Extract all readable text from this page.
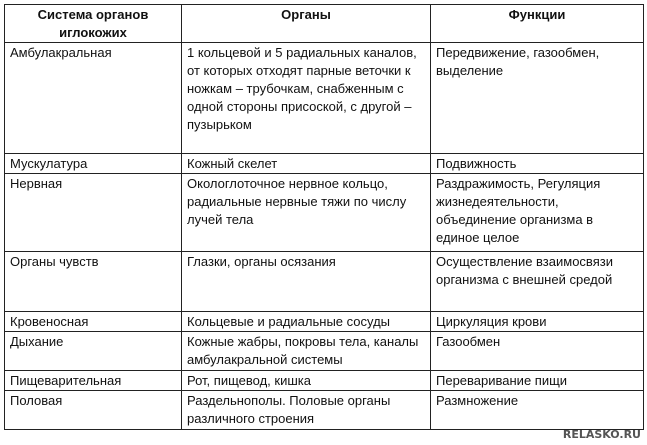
Система органов иглокожих	Органы	Функции
Амбулакральная	1 кольцевой и 5 радиальных каналов, от которых отходят парные веточки к ножкам – трубочкам, снабженным с одной стороны присоской, с другой – пузырьком	Передвижение, газообмен, выделение
Мускулатура	Кожный скелет	Подвижность
Нервная	Окологлоточное нервное кольцо, радиальные нервные тяжи по числу лучей тела	Раздражимость, Регуляция жизнедеятельности, объединение организма в единое целое
Органы чувств	Глазки, органы осязания	Осуществление взаимосвязи организма с внешней средой
Кровеносная	Кольцевые и радиальные сосуды	Циркуляция крови
Дыхание	Кожные жабры, покровы тела, каналы амбулакральной системы	Газообмен
Пищеварительная	Рот, пищевод, кишка	Переваривание пищи
Половая	Раздельнополы. Половые органы различного строения	Размножение
RELASKO.RU
